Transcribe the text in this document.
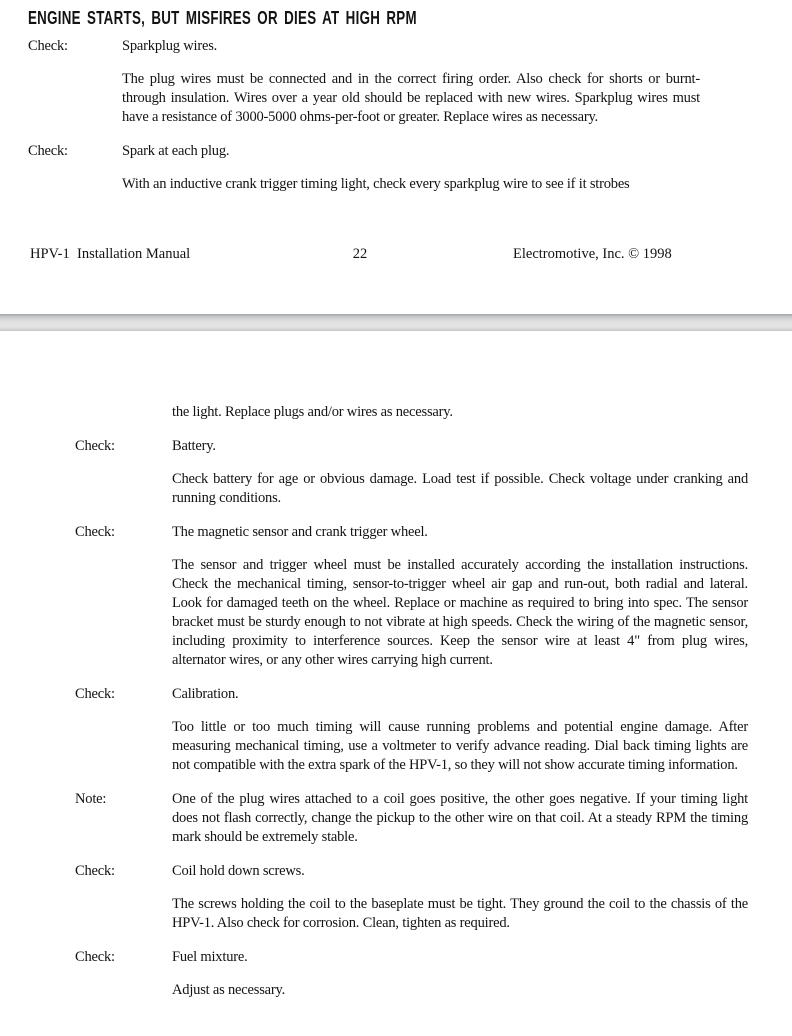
ENGINE STARTS, BUT MISFIRES OR DIES AT HIGH RPM
Check:	Sparkplug wires.

The plug wires must be connected and in the correct firing order. Also check for shorts or burnt-through insulation. Wires over a year old should be replaced with new wires. Sparkplug wires must have a resistance of 3000-5000 ohms-per-foot or greater. Replace wires as necessary.

Check:	Spark at each plug.

With an inductive crank trigger timing light, check every sparkplug wire to see if it strobes

HPV-1  Installation Manual	22	Electromotive, Inc. © 1998

the light. Replace plugs and/or wires as necessary.

Check:	Battery.

Check battery for age or obvious damage. Load test if possible. Check voltage under cranking and running conditions.

Check:	The magnetic sensor and crank trigger wheel.

The sensor and trigger wheel must be installed accurately according the installation instructions. Check the mechanical timing, sensor-to-trigger wheel air gap and run-out, both radial and lateral. Look for damaged teeth on the wheel. Replace or machine as required to bring into spec. The sensor bracket must be sturdy enough to not vibrate at high speeds. Check the wiring of the magnetic sensor, including proximity to interference sources. Keep the sensor wire at least 4" from plug wires, alternator wires, or any other wires carrying high current.

Check:	Calibration.

Too little or too much timing will cause running problems and potential engine damage. After measuring mechanical timing, use a voltmeter to verify advance reading. Dial back timing lights are not compatible with the extra spark of the HPV-1, so they will not show accurate timing information.

Note:	One of the plug wires attached to a coil goes positive, the other goes negative. If your timing light does not flash correctly, change the pickup to the other wire on that coil. At a steady RPM the timing mark should be extremely stable.

Check:	Coil hold down screws.

The screws holding the coil to the baseplate must be tight. They ground the coil to the chassis of the HPV-1. Also check for corrosion. Clean, tighten as required.

Check:	Fuel mixture.

Adjust as necessary.
